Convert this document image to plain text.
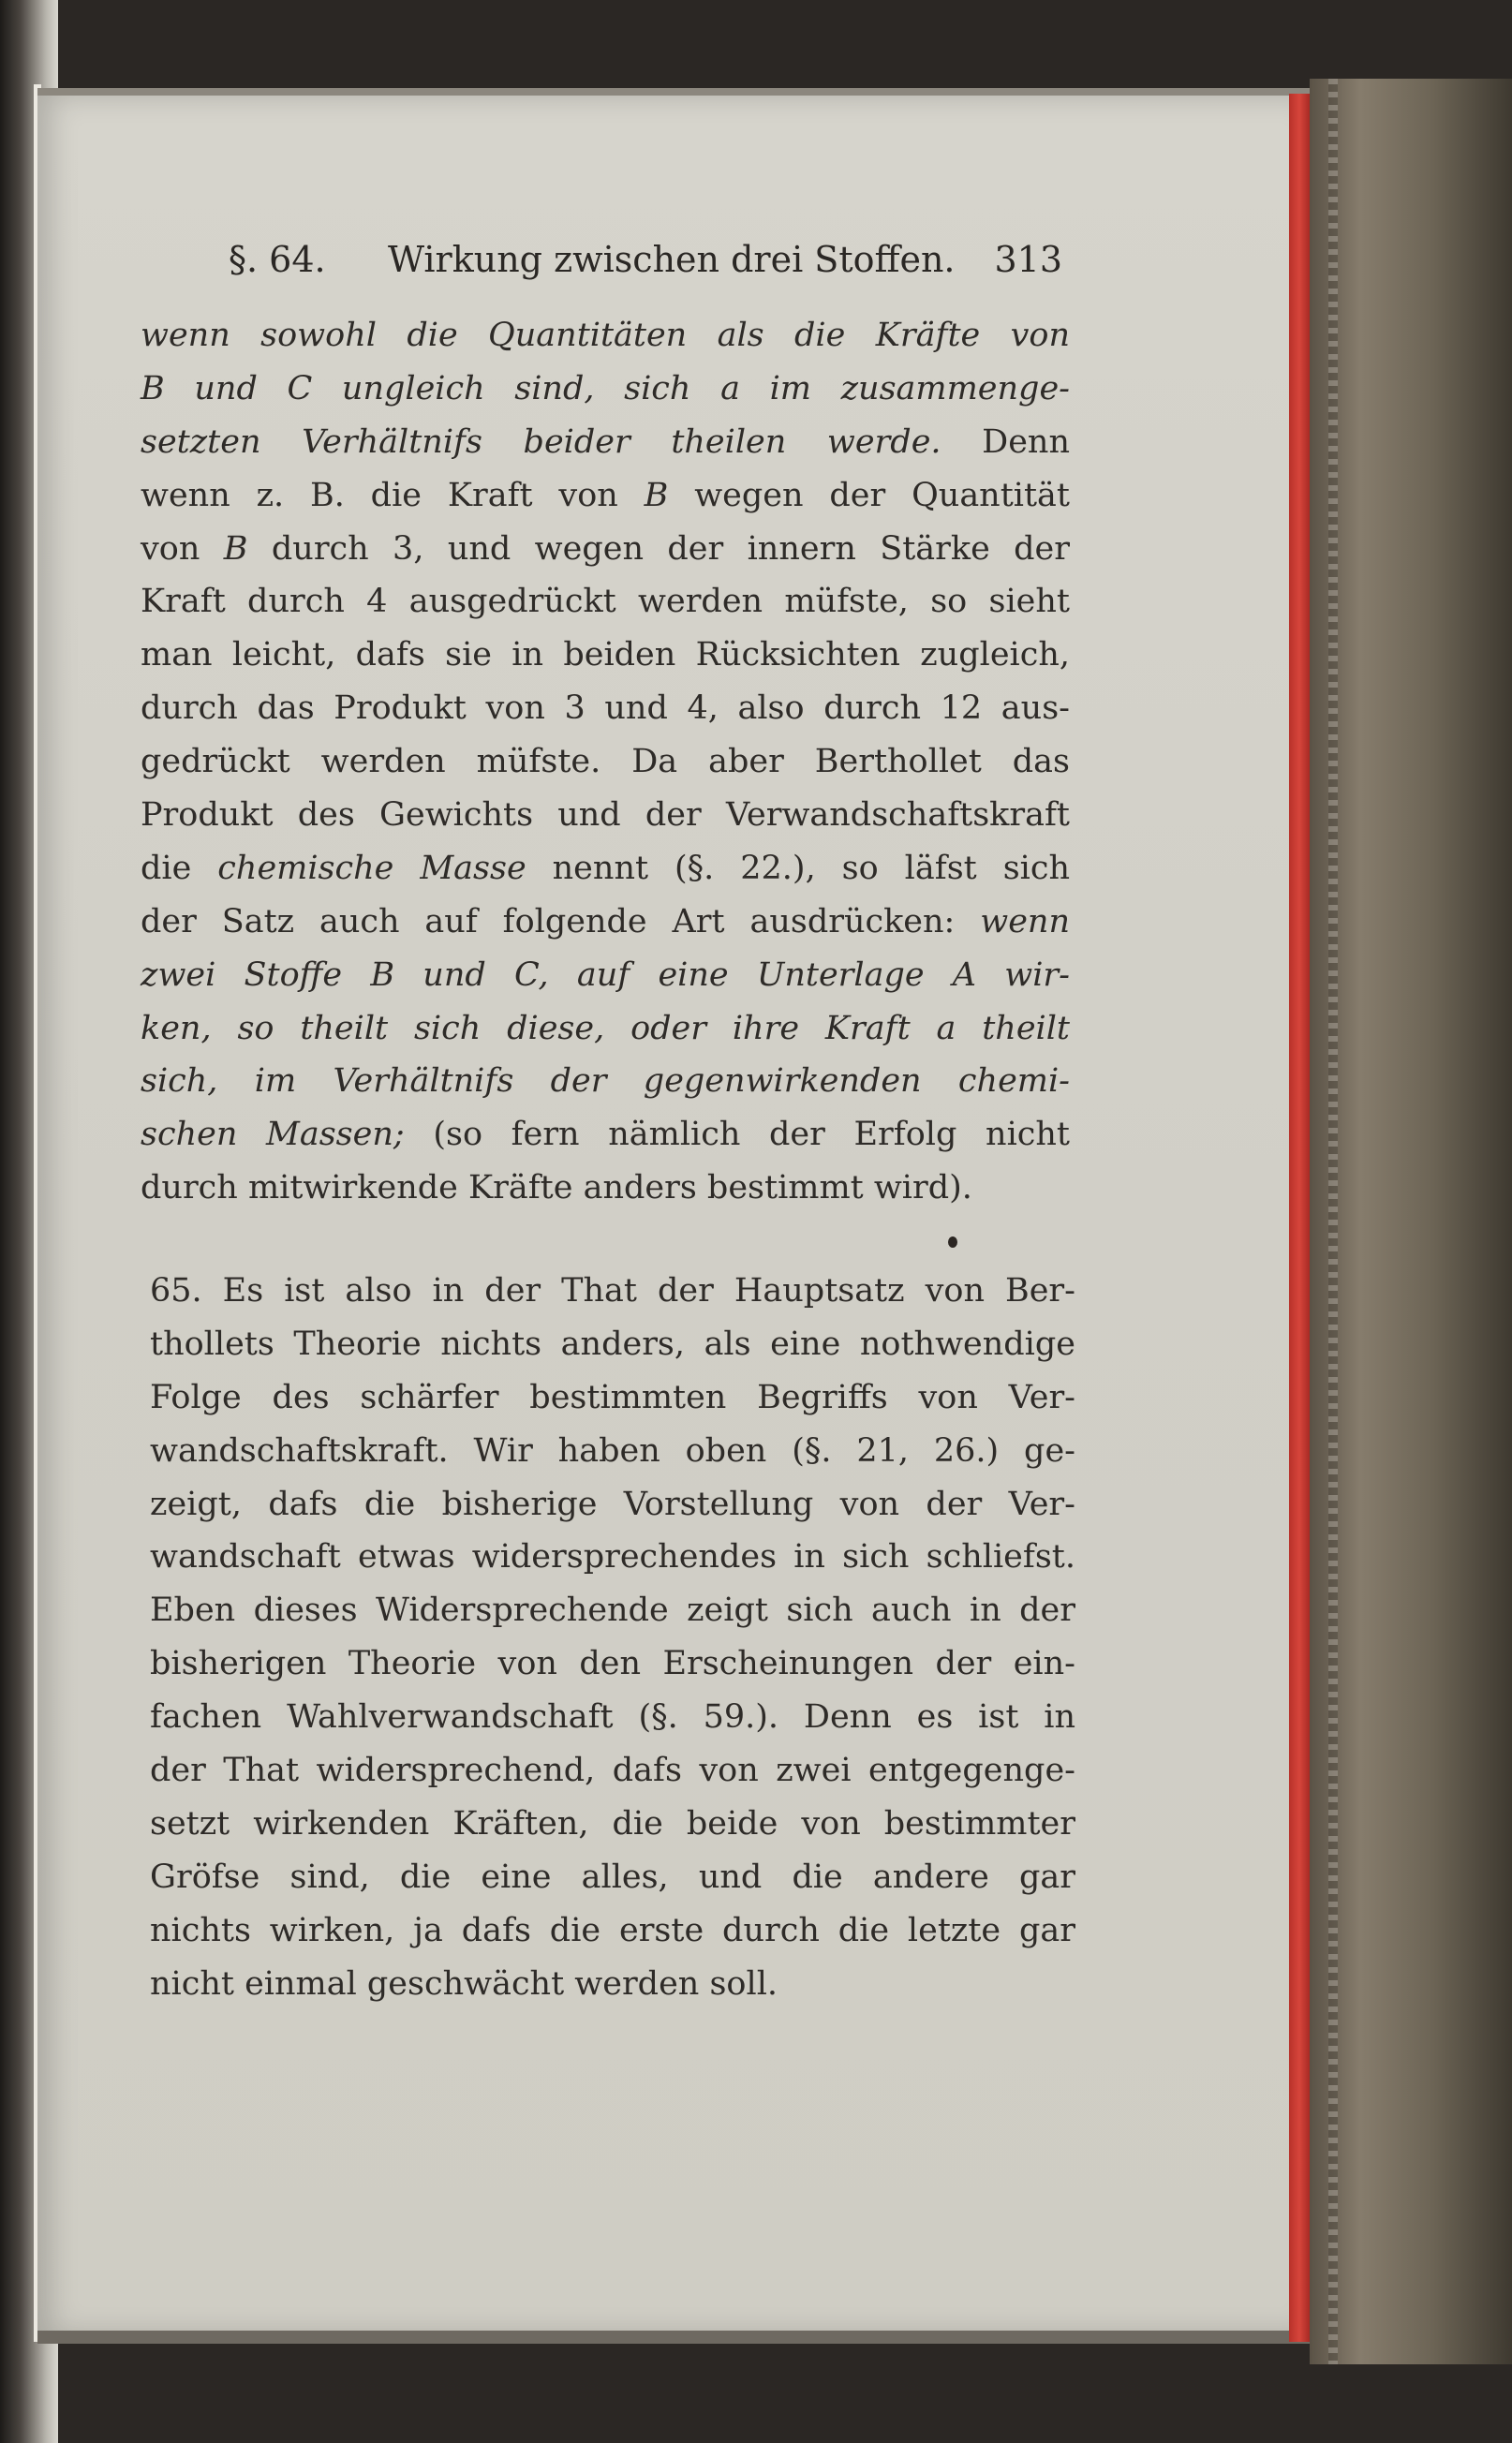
§. 64. Wirkung zwischen drei Stoffen. 313
wenn sowohl die Quantitäten als die Kräfte von
B und C ungleich sind, sich a im zusammenge-
setzten Verhältnifs beider theilen werde. Denn
wenn z. B. die Kraft von B wegen der Quantität
von B durch 3, und wegen der innern Stärke der
Kraft durch 4 ausgedrückt werden müfste, so sieht
man leicht, dafs sie in beiden Rücksichten zugleich,
durch das Produkt von 3 und 4, also durch 12 aus-
gedrückt werden müfste. Da aber Berthollet das
Produkt des Gewichts und der Verwandschaftskraft
die chemische Masse nennt (§. 22.), so läfst sich
der Satz auch auf folgende Art ausdrücken: wenn
zwei Stoffe B und C, auf eine Unterlage A wir-
ken, so theilt sich diese, oder ihre Kraft a theilt
sich, im Verhältnifs der gegenwirkenden chemi-
schen Massen; (so fern nämlich der Erfolg nicht
durch mitwirkende Kräfte anders bestimmt wird).
65. Es ist also in der That der Hauptsatz von Ber-
thollets Theorie nichts anders, als eine nothwendige
Folge des schärfer bestimmten Begriffs von Ver-
wandschaftskraft. Wir haben oben (§. 21, 26.) ge-
zeigt, dafs die bisherige Vorstellung von der Ver-
wandschaft etwas widersprechendes in sich schliefst.
Eben dieses Widersprechende zeigt sich auch in der
bisherigen Theorie von den Erscheinungen der ein-
fachen Wahlverwandschaft (§. 59.). Denn es ist in
der That widersprechend, dafs von zwei entgegenge-
setzt wirkenden Kräften, die beide von bestimmter
Gröfse sind, die eine alles, und die andere gar
nichts wirken, ja dafs die erste durch die letzte gar
nicht einmal geschwächt werden soll.
